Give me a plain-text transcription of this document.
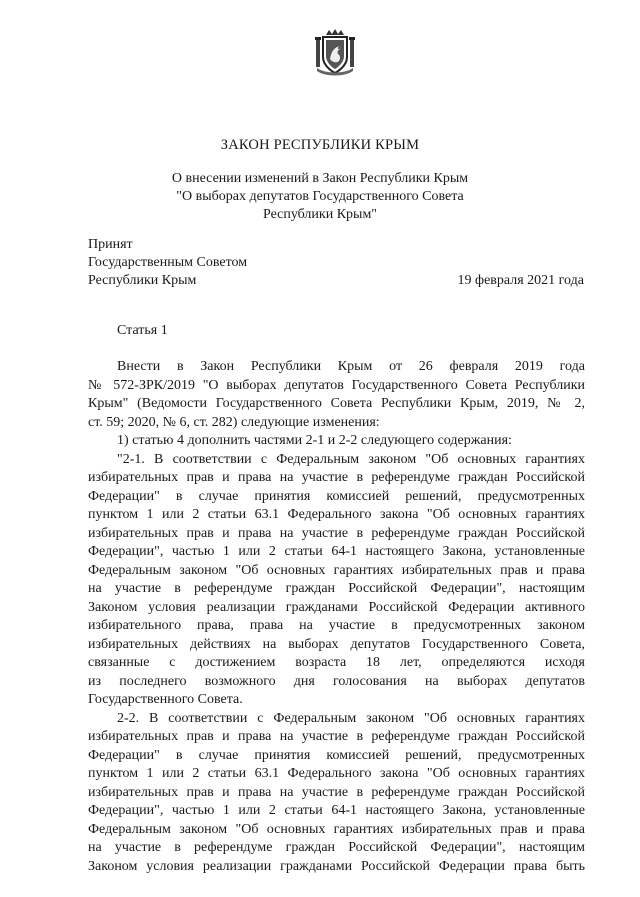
ЗАКОН РЕСПУБЛИКИ КРЫМ
О внесении изменений в Закон Республики Крым
"О выборах депутатов Государственного Совета
Республики Крым"
Принят
Государственным Советом
Республики Крым	19 февраля 2021 года
Статья 1
Внести в Закон Республики Крым от 26 февраля 2019 года
№ 572-ЗРК/2019 "О выборах депутатов Государственного Совета Республики
Крым" (Ведомости Государственного Совета Республики Крым, 2019, № 2,
ст. 59; 2020, № 6, ст. 282) следующие изменения:
1) статью 4 дополнить частями 2-1 и 2-2 следующего содержания:
"2-1. В соответствии с Федеральным законом "Об основных гарантиях
избирательных прав и права на участие в референдуме граждан Российской
Федерации" в случае принятия комиссией решений, предусмотренных
пунктом 1 или 2 статьи 63.1 Федерального закона "Об основных гарантиях
избирательных прав и права на участие в референдуме граждан Российской
Федерации", частью 1 или 2 статьи 64-1 настоящего Закона, установленные
Федеральным законом "Об основных гарантиях избирательных прав и права
на участие в референдуме граждан Российской Федерации", настоящим
Законом условия реализации гражданами Российской Федерации активного
избирательного права, права на участие в предусмотренных законом
избирательных действиях на выборах депутатов Государственного Совета,
связанные с достижением возраста 18 лет, определяются исходя
из последнего возможного дня голосования на выборах депутатов
Государственного Совета.
2-2. В соответствии с Федеральным законом "Об основных гарантиях
избирательных прав и права на участие в референдуме граждан Российской
Федерации" в случае принятия комиссией решений, предусмотренных
пунктом 1 или 2 статьи 63.1 Федерального закона "Об основных гарантиях
избирательных прав и права на участие в референдуме граждан Российской
Федерации", частью 1 или 2 статьи 64-1 настоящего Закона, установленные
Федеральным законом "Об основных гарантиях избирательных прав и права
на участие в референдуме граждан Российской Федерации", настоящим
Законом условия реализации гражданами Российской Федерации права быть
